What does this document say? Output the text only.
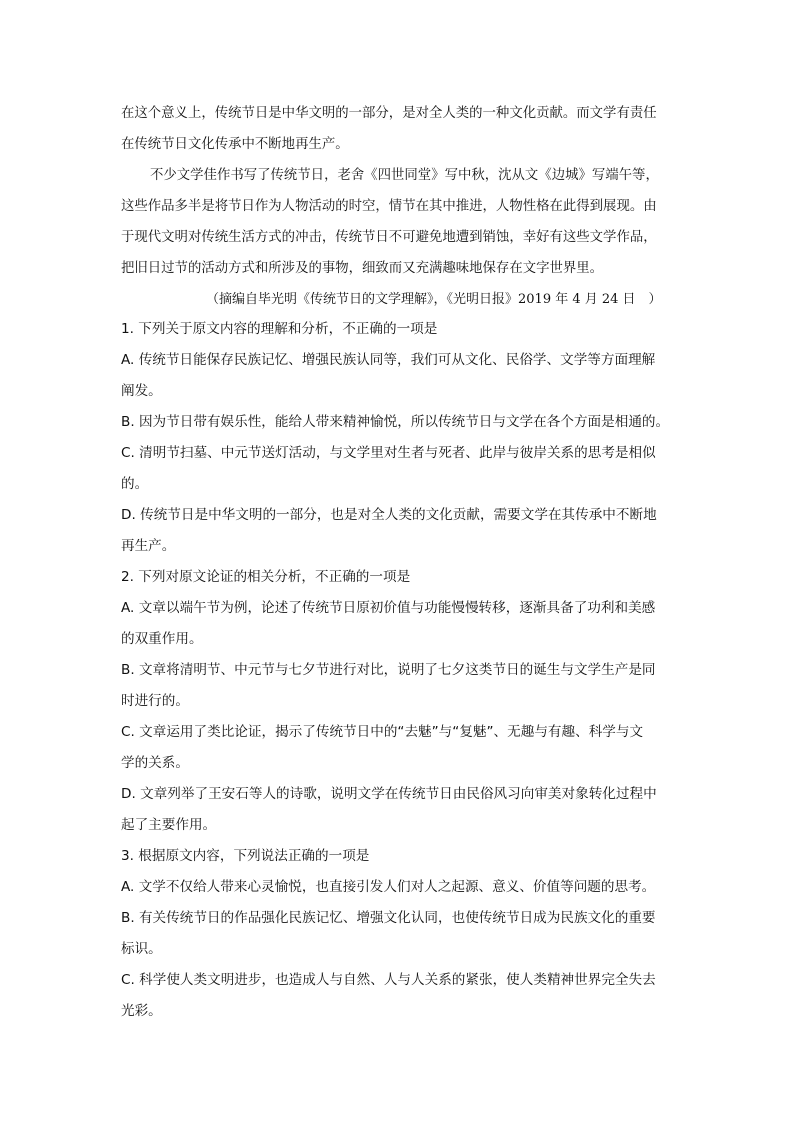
在这个意义上，传统节日是中华文明的一部分，是对全人类的一种文化贡献。而文学有责任
在传统节日文化传承中不断地再生产。

不少文学佳作书写了传统节日，老舍《四世同堂》写中秋，沈从文《边城》写端午等，
这些作品多半是将节日作为人物活动的时空，情节在其中推进，人物性格在此得到展现。由
于现代文明对传统生活方式的冲击，传统节日不可避免地遭到销蚀，幸好有这些文学作品，
把旧日过节的活动方式和所涉及的事物，细致而又充满趣味地保存在文字世界里。

（摘编自毕光明《传统节日的文学理解》，《光明日报》2019 年 4 月 24 日　）

1. 下列关于原文内容的理解和分析，不正确的一项是

A. 传统节日能保存民族记忆、增强民族认同等，我们可从文化、民俗学、文学等方面理解
阐发。

B. 因为节日带有娱乐性，能给人带来精神愉悦，所以传统节日与文学在各个方面是相通的。

C. 清明节扫墓、中元节送灯活动，与文学里对生者与死者、此岸与彼岸关系的思考是相似
的。

D. 传统节日是中华文明的一部分，也是对全人类的文化贡献，需要文学在其传承中不断地
再生产。

2. 下列对原文论证的相关分析，不正确的一项是

A. 文章以端午节为例，论述了传统节日原初价值与功能慢慢转移，逐渐具备了功利和美感
的双重作用。

B. 文章将清明节、中元节与七夕节进行对比，说明了七夕这类节日的诞生与文学生产是同
时进行的。

C. 文章运用了类比论证，揭示了传统节日中的“去魅”与“复魅”、无趣与有趣、科学与文
学的关系。

D. 文章列举了王安石等人的诗歌，说明文学在传统节日由民俗风习向审美对象转化过程中
起了主要作用。

3. 根据原文内容，下列说法正确的一项是

A. 文学不仅给人带来心灵愉悦，也直接引发人们对人之起源、意义、价值等问题的思考。

B. 有关传统节日的作品强化民族记忆、增强文化认同，也使传统节日成为民族文化的重要
标识。

C. 科学使人类文明进步，也造成人与自然、人与人关系的紧张，使人类精神世界完全失去
光彩。
